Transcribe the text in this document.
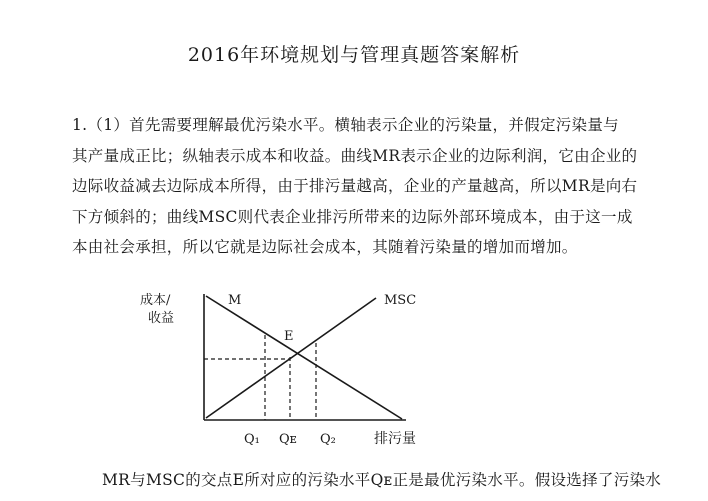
2016年环境规划与管理真题答案解析
1.（1）首先需要理解最优污染水平。横轴表示企业的污染量，并假定污染量与
其产量成正比；纵轴表示成本和收益。曲线MR表示企业的边际利润，它由企业的
边际收益减去边际成本所得，由于排污量越高，企业的产量越高，所以MR是向右
下方倾斜的；曲线MSC则代表企业排污所带来的边际外部环境成本，由于这一成
本由社会承担，所以它就是边际社会成本，其随着污染量的增加而增加。
成本/
收益
M	MSC
E
Q₁ Qᴇ Q₂	排污量
MR与MSC的交点E所对应的污染水平Qᴇ正是最优污染水平。假设选择了污染水
